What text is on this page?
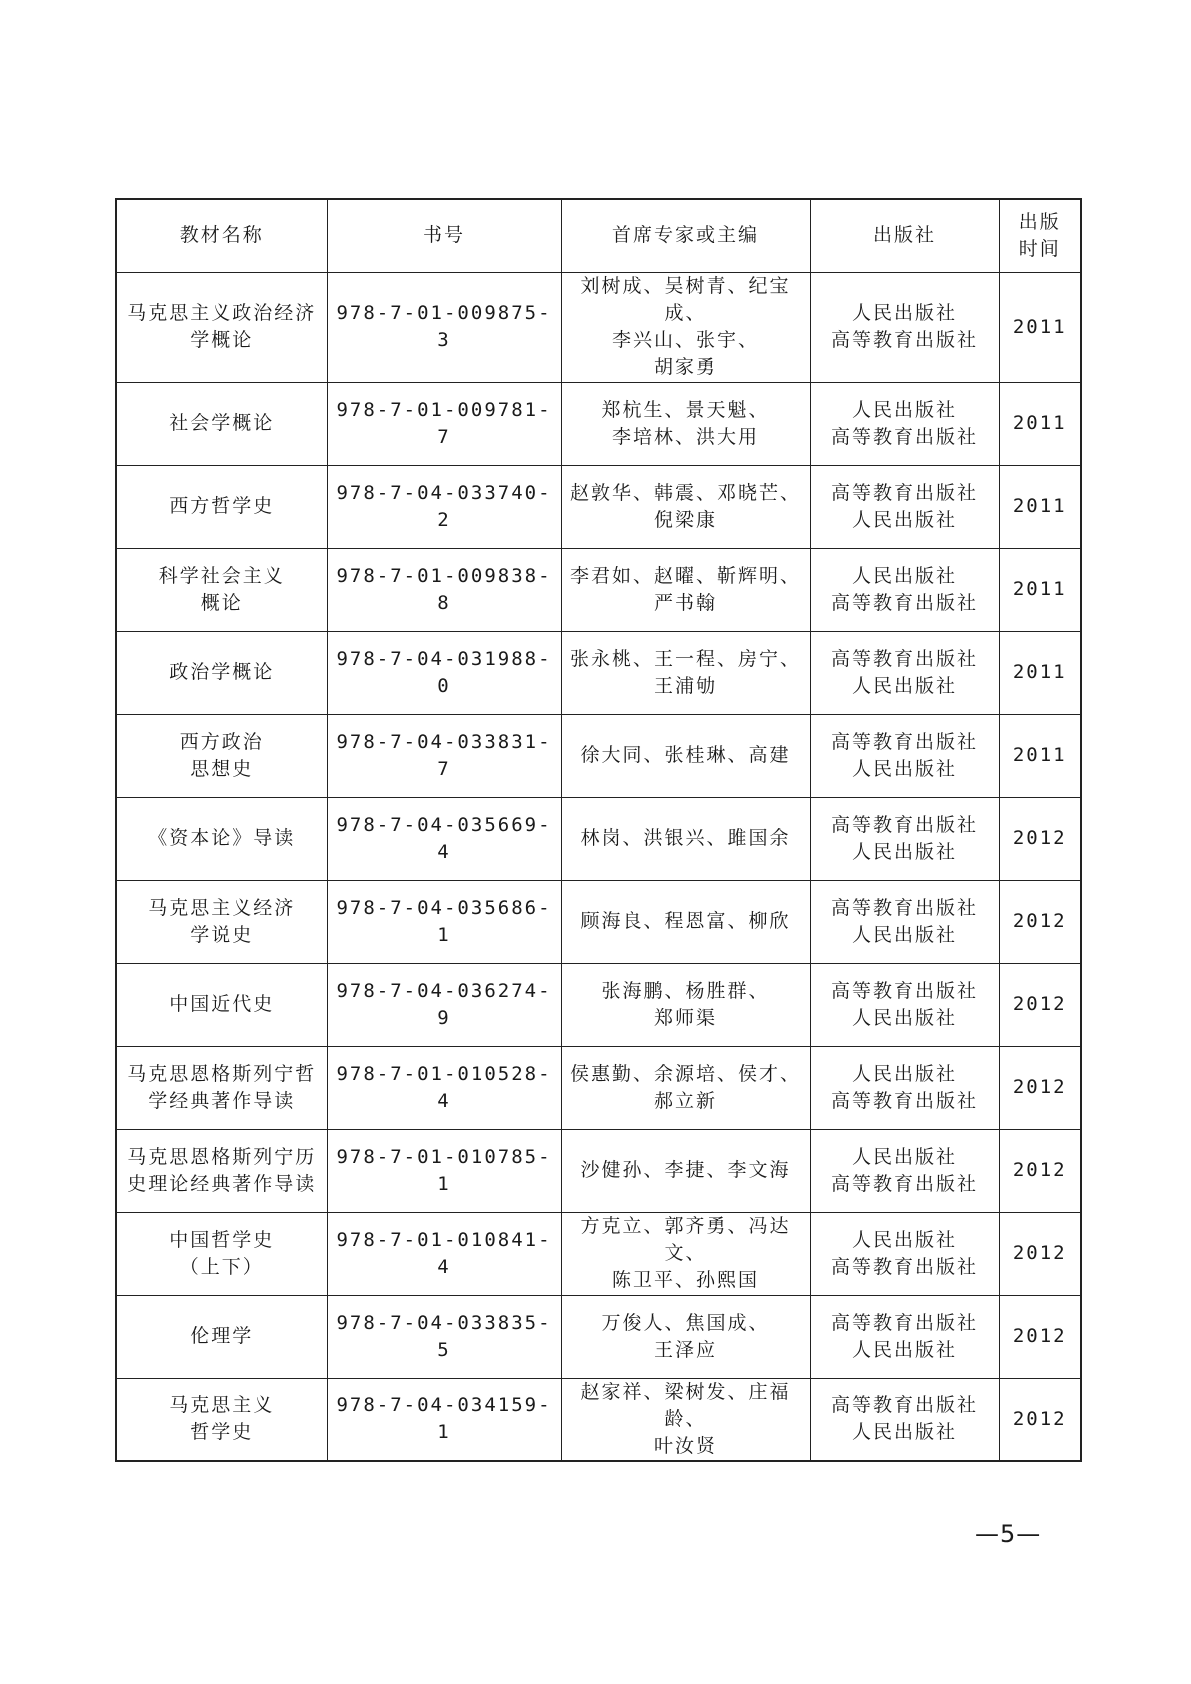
教材名称	书号	首席专家或主编	出版社	出版
时间

马克思主义政治经济
学概论	978-7-01-009875-3	刘树成、吴树青、纪宝成、
李兴山、张宇、
胡家勇	人民出版社
高等教育出版社	2011

社会学概论	978-7-01-009781-7	郑杭生、景天魁、
李培林、洪大用	人民出版社
高等教育出版社	2011

西方哲学史	978-7-04-033740-2	赵敦华、韩震、邓晓芒、
倪梁康	高等教育出版社
人民出版社	2011

科学社会主义
概论	978-7-01-009838-8	李君如、赵曜、靳辉明、
严书翰	人民出版社
高等教育出版社	2011

政治学概论	978-7-04-031988-0	张永桃、王一程、房宁、
王浦劬	高等教育出版社
人民出版社	2011

西方政治
思想史	978-7-04-033831-7	徐大同、张桂琳、高建	高等教育出版社
人民出版社	2011

《资本论》导读	978-7-04-035669-4	林岗、洪银兴、雎国余	高等教育出版社
人民出版社	2012

马克思主义经济
学说史	978-7-04-035686-1	顾海良、程恩富、柳欣	高等教育出版社
人民出版社	2012

中国近代史	978-7-04-036274-9	张海鹏、杨胜群、
郑师渠	高等教育出版社
人民出版社	2012

马克思恩格斯列宁哲
学经典著作导读	978-7-01-010528-4	侯惠勤、余源培、侯才、
郝立新	人民出版社
高等教育出版社	2012

马克思恩格斯列宁历
史理论经典著作导读	978-7-01-010785-1	沙健孙、李捷、李文海	人民出版社
高等教育出版社	2012

中国哲学史
（上下）	978-7-01-010841-4	方克立、郭齐勇、冯达文、
陈卫平、孙熙国	人民出版社
高等教育出版社	2012

伦理学	978-7-04-033835-5	万俊人、焦国成、
王泽应	高等教育出版社
人民出版社	2012

马克思主义
哲学史	978-7-04-034159-1	赵家祥、梁树发、庄福龄、
叶汝贤	高等教育出版社
人民出版社	2012
—5—
